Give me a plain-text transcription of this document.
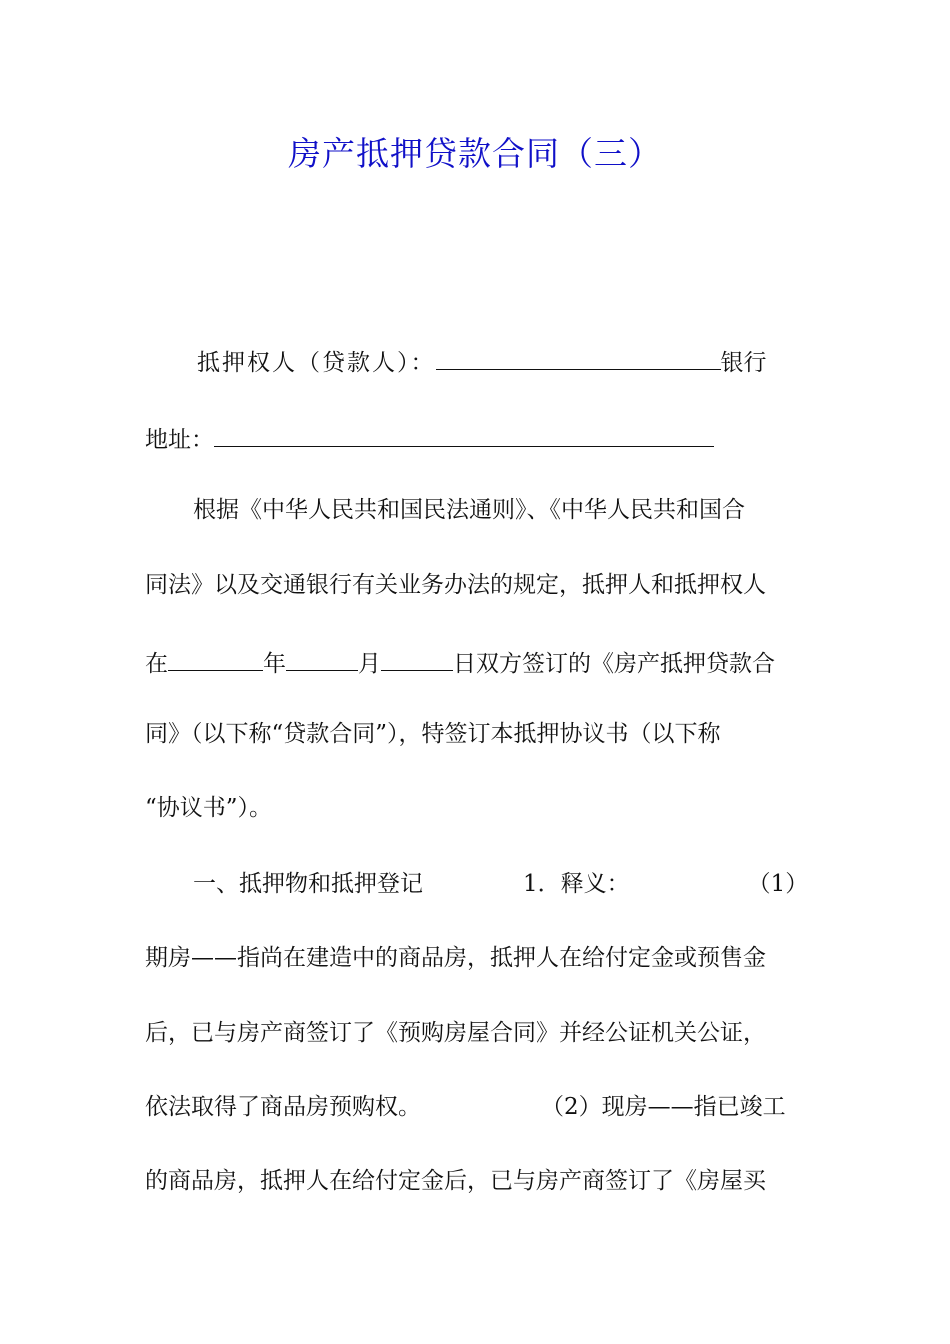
房产抵押贷款合同（三）
抵押权人（贷款人）：	银行
地址：
根据《中华人民共和国民法通则》、《中华人民共和国合
同法》以及交通银行有关业务办法的规定，抵押人和抵押权人
在	年	月	日双方签订的《房产抵押贷款合
同》（以下称“贷款合同”），特签订本抵押协议书（以下称
“协议书”）。
一、抵押物和抵押登记	1．释义：	（1）
期房——指尚在建造中的商品房，抵押人在给付定金或预售金
后，已与房产商签订了《预购房屋合同》并经公证机关公证，
依法取得了商品房预购权。	（2）现房——指已竣工
的商品房，抵押人在给付定金后，已与房产商签订了《房屋买
